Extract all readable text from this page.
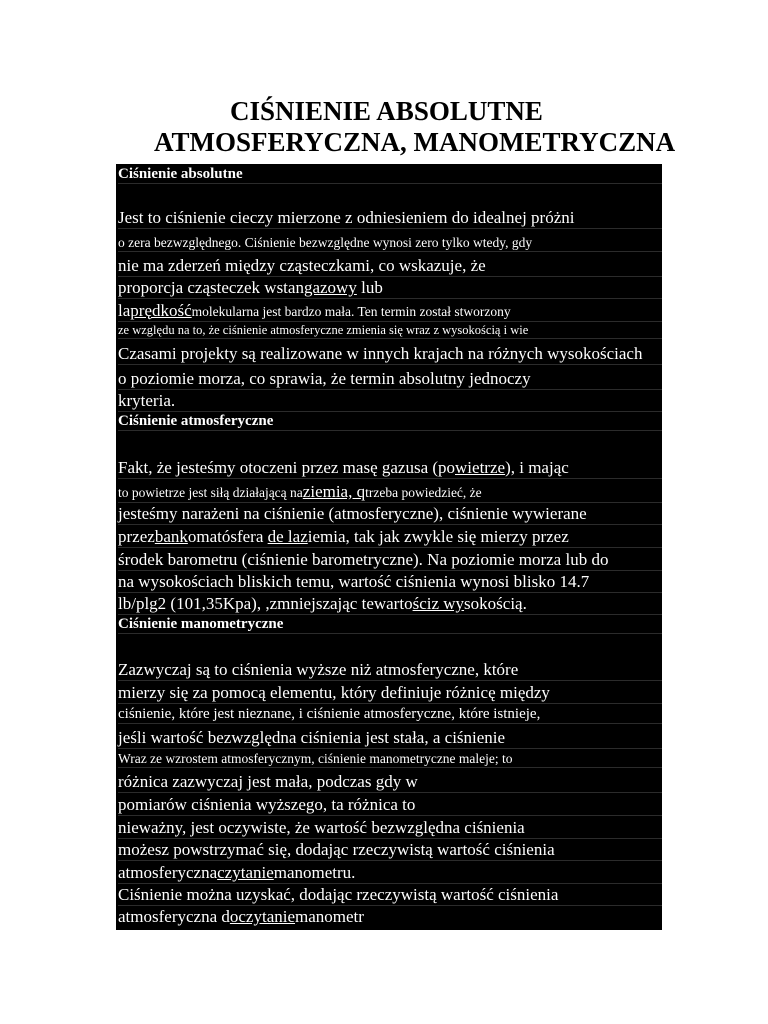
CIŚNIENIE ABSOLUTNE
ATMOSFERYCZNA, MANOMETRYCZNA
Ciśnienie absolutne
Jest to ciśnienie cieczy mierzone z odniesieniem do idealnej próżni
o zera bezwzględnego. Ciśnienie bezwzględne wynosi zero tylko wtedy, gdy
nie ma zderzeń między cząsteczkami, co wskazuje, że
proporcja cząsteczek wstangazowy lub
laprędkośćmolekularna jest bardzo mała. Ten termin został stworzony
ze względu na to, że ciśnienie atmosferyczne zmienia się wraz z wysokością i wie
Czasami projekty są realizowane w innych krajach na różnych wysokościach
o poziomie morza, co sprawia, że termin absolutny jednoczy
kryteria.
Ciśnienie atmosferyczne
Fakt, że jesteśmy otoczeni przez masę gazusa (powietrze), i mając
to powietrze jest siłą działającą naziemia, qtrzeba powiedzieć, że
jesteśmy narażeni na ciśnienie (atmosferyczne), ciśnienie wywierane
przezbankomatósfera de laziemia, tak jak zwykle się mierzy przez
środek barometru (ciśnienie barometryczne). Na poziomie morza lub do
na wysokościach bliskich temu, wartość ciśnienia wynosi blisko 14.7
lb/plg2 (101,35Kpa), ,zmniejszając tewartościz wysokością.
Ciśnienie manometryczne
Zazwyczaj są to ciśnienia wyższe niż atmosferyczne, które
mierzy się za pomocą elementu, który definiuje różnicę między
ciśnienie, które jest nieznane, i ciśnienie atmosferyczne, które istnieje,
jeśli wartość bezwzględna ciśnienia jest stała, a ciśnienie
Wraz ze wzrostem atmosferycznym, ciśnienie manometryczne maleje; to
różnica zazwyczaj jest mała, podczas gdy w
pomiarów ciśnienia wyższego, ta różnica to
nieważny, jest oczywiste, że wartość bezwzględna ciśnienia
możesz powstrzymać się, dodając rzeczywistą wartość ciśnienia
atmosferycznaczytaniemanometru.
Ciśnienie można uzyskać, dodając rzeczywistą wartość ciśnienia
atmosferyczna doczytaniemanometr
